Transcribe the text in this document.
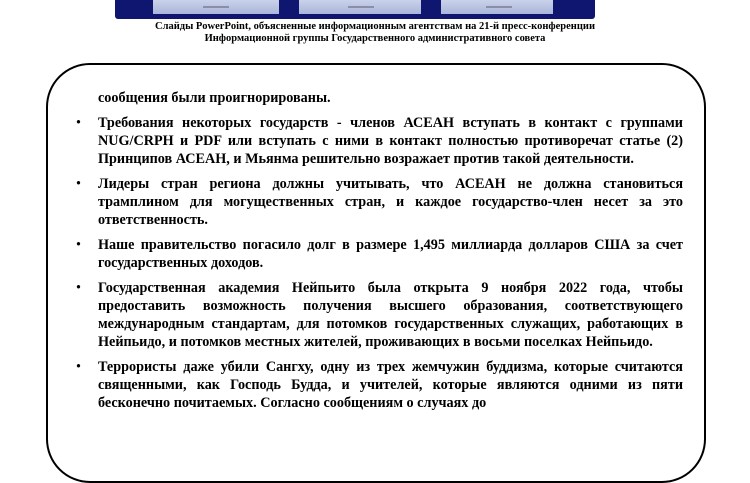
Слайды PowerPoint, объясненные информационным агентствам на 21-й пресс-конференции
Информационной группы Государственного административного совета

сообщения были проигнорированы.

• Требования некоторых государств - членов АСЕАН вступать в контакт с группами NUG/CRPH и PDF или вступать с ними в контакт полностью противоречат статье (2) Принципов АСЕАН, и Мьянма решительно возражает против такой деятельности.
• Лидеры стран региона должны учитывать, что АСЕАН не должна становиться трамплином для могущественных стран, и каждое государство-член несет за это ответственность.
• Наше правительство погасило долг в размере 1,495 миллиарда долларов США за счет государственных доходов.
• Государственная академия Нейпьито была открыта 9 ноября 2022 года, чтобы предоставить возможность получения высшего образования, соответствующего международным стандартам, для потомков государственных служащих, работающих в Нейпьидо, и потомков местных жителей, проживающих в восьми поселках Нейпьидо.
• Террористы даже убили Сангху, одну из трех жемчужин буддизма, которые считаются священными, как Господь Будда, и учителей, которые являются одними из пяти бесконечно почитаемых. Согласно сообщениям о случаях до
